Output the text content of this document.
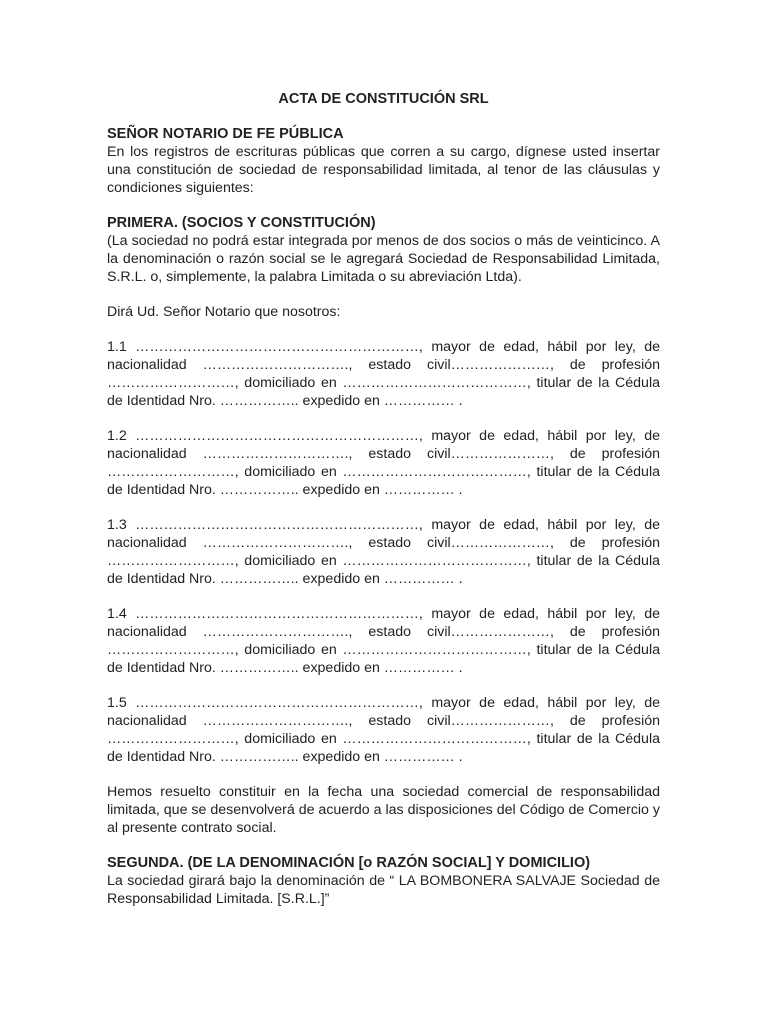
ACTA DE CONSTITUCIÓN SRL

SEÑOR NOTARIO DE FE PÚBLICA

En los registros de escrituras públicas que corren a su cargo, dígnese usted insertar una constitución de sociedad de responsabilidad limitada, al tenor de las cláusulas y condiciones siguientes:

PRIMERA. (SOCIOS Y CONSTITUCIÓN)

(La sociedad no podrá estar integrada por menos de dos socios o más de veinticinco. A la denominación o razón social se le agregará Sociedad de Responsabilidad Limitada, S.R.L. o, simplemente, la palabra Limitada o su abreviación Ltda).

Dirá Ud. Señor Notario que nosotros:

1.1 ……………………………………………………, mayor de edad, hábil por ley, de nacionalidad …………………………., estado civil…………………, de profesión ………………………, domiciliado en …………………………………, titular de la Cédula de Identidad Nro. …………….. expedido en …………… .

1.2 ……………………………………………………, mayor de edad, hábil por ley, de nacionalidad …………………………., estado civil…………………, de profesión ………………………, domiciliado en …………………………………, titular de la Cédula de Identidad Nro. …………….. expedido en …………… .

1.3 ……………………………………………………, mayor de edad, hábil por ley, de nacionalidad …………………………., estado civil…………………, de profesión ………………………, domiciliado en …………………………………, titular de la Cédula de Identidad Nro. …………….. expedido en …………… .

1.4 ……………………………………………………, mayor de edad, hábil por ley, de nacionalidad …………………………., estado civil…………………, de profesión ………………………, domiciliado en …………………………………, titular de la Cédula de Identidad Nro. …………….. expedido en …………… .

1.5 ……………………………………………………, mayor de edad, hábil por ley, de nacionalidad …………………………., estado civil…………………, de profesión ………………………, domiciliado en …………………………………, titular de la Cédula de Identidad Nro. …………….. expedido en …………… .

Hemos resuelto constituir en la fecha una sociedad comercial de responsabilidad limitada, que se desenvolverá de acuerdo a las disposiciones del Código de Comercio y al presente contrato social.

SEGUNDA. (DE LA DENOMINACIÓN [o RAZÓN SOCIAL] Y DOMICILIO)

La sociedad girará bajo la denominación de “ LA BOMBONERA SALVAJE Sociedad de Responsabilidad Limitada. [S.R.L.]”
